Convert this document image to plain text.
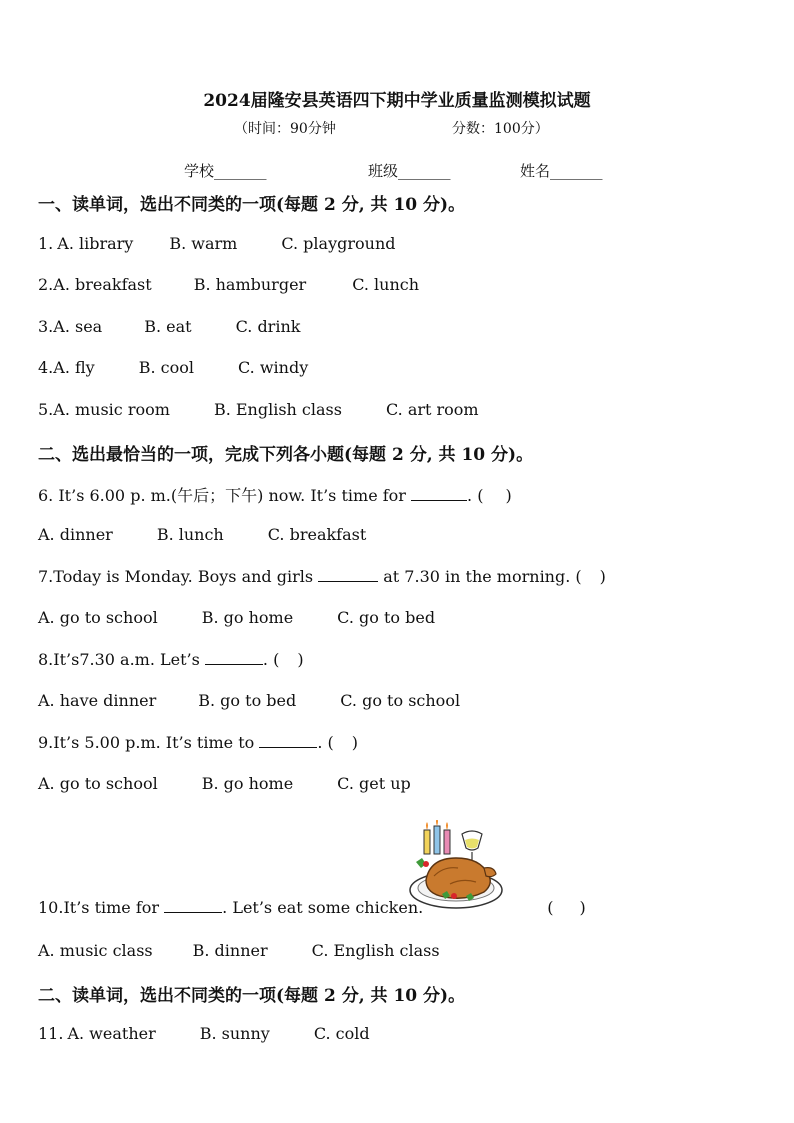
2024届隆安县英语四下期中学业质量监测模拟试题
（时间：90分钟	分数：100分）
学校_______	班级_______	姓名_______
一、读单词，选出不同类的一项(每题 2 分, 共 10 分)。
1. A. library B. warm	C. playground
2.A. breakfast	B. hamburger	C. lunch
3.A. sea	B. eat	C. drink
4.A. fly	B. cool	C. windy
5.A. music room	B. English class	C. art room
二、选出最恰当的一项，完成下列各小题(每题 2 分, 共 10 分)。
6. It’s 6.00 p. m.(午后；下午) now. It’s time for	. ( )
A. dinner	B. lunch	C. breakfast
7.Today is Monday. Boys and girls	at 7.30 in the morning. ( )
A. go to school	B. go home	C. go to bed
8.It’s7.30 a.m. Let’s	. ( )
A. have dinner	B. go to bed	C. go to school
9.It’s 5.00 p.m. It’s time to	. ( )
A. go to school	B. go home	C. get up
10.It’s time for	. Let’s eat some chicken.	( )
A. music class	B. dinner	C. English class
二、读单词，选出不同类的一项(每题 2 分, 共 10 分)。
11. A. weather	B. sunny	C. cold
